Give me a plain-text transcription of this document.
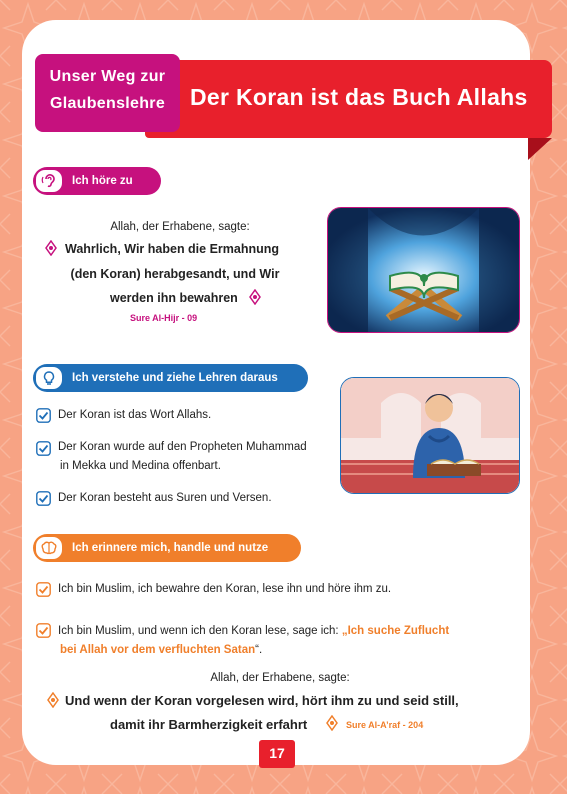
Der Koran ist das Buch Allahs
Unser Weg zur
Glaubenslehre
Ich höre zu
Allah, der Erhabene, sagte:
Wahrlich, Wir haben die Ermahnung
(den Koran) herabgesandt, und Wir
werden ihn bewahren
Sure Al-Hijr - 09
Ich verstehe und ziehe Lehren daraus
Der Koran ist das Wort Allahs.
Der Koran wurde auf den Propheten Muhammad
in Mekka und Medina offenbart.
Der Koran besteht aus Suren und Versen.
Ich erinnere mich, handle und nutze
Ich bin Muslim, ich bewahre den Koran, lese ihn und höre ihm zu.
Ich bin Muslim, und wenn ich den Koran lese, sage ich: „Ich suche Zuflucht
bei Allah vor dem verfluchten Satan“.
Allah, der Erhabene, sagte:
Und wenn der Koran vorgelesen wird, hört ihm zu und seid still,
damit ihr Barmherzigkeit erfahrt	Sure Al-A’raf - 204
17
